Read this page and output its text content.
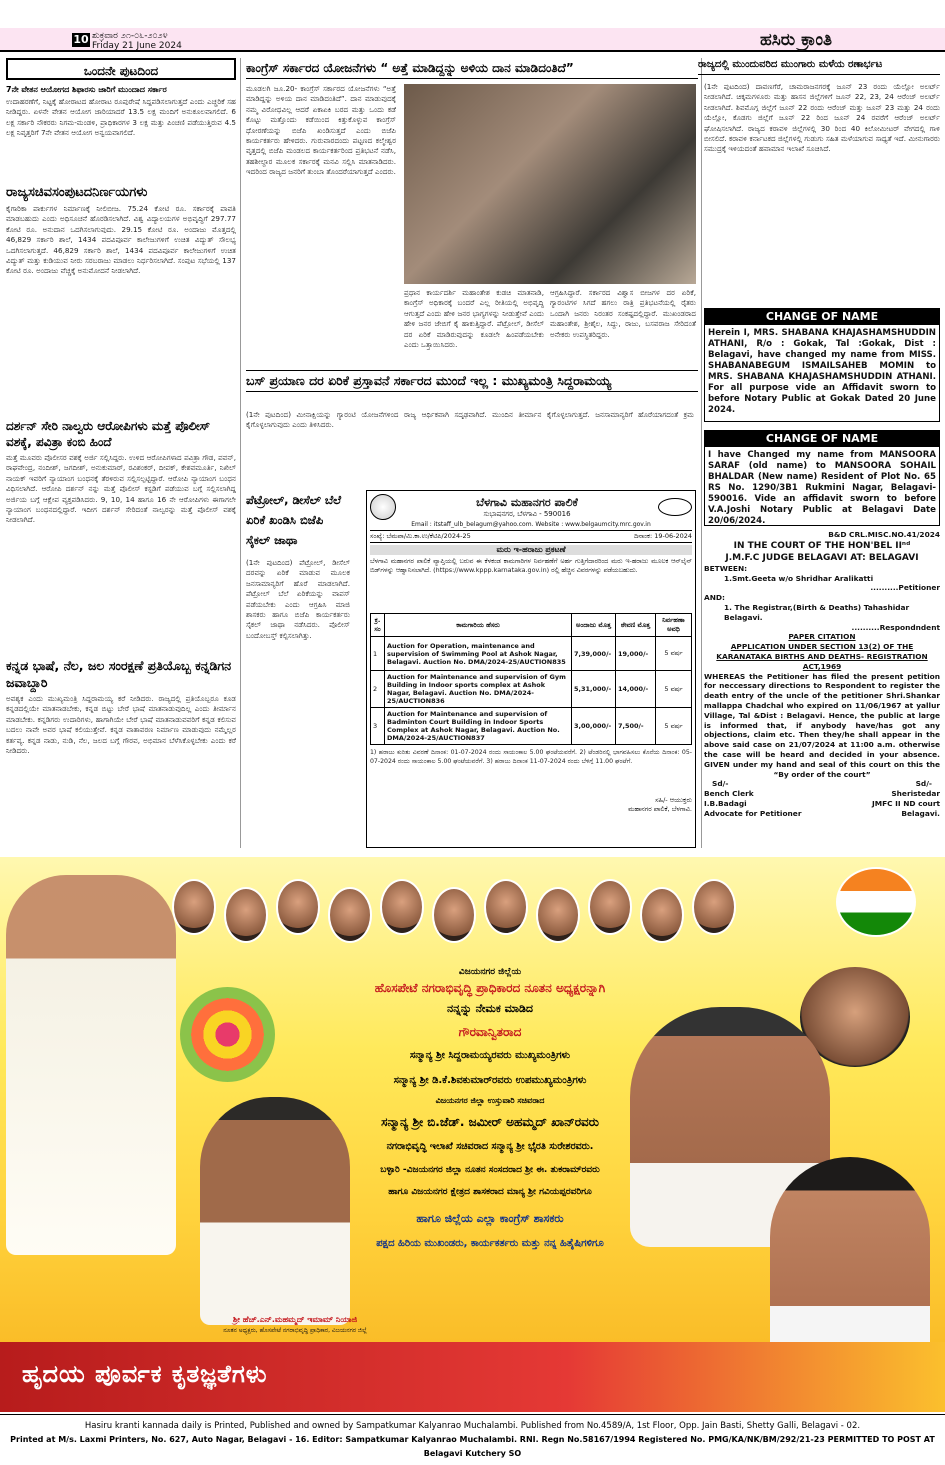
10 ಶುಕ್ರವಾರ ೨೧-೦೬-೨೦೨೪
Friday 21 June 2024	ಹಸಿರು ಕ್ರಾಂತಿ
ಒಂದನೇ ಪುಟದಿಂದ
7ನೇ ವೇತನ ಆಯೋಗದ ಶಿಫಾರಸು ಜಾರಿಗೆ ಮುಂದಾದ ಸರ್ಕಾರ
ಉದಾಹರಣೆಗೆ, ನಿಟ್ಟಕ್ಕೆ ಹೋರಾಟದ ಹೋರಾಟ ರೂಪುರೇಷೆ ಸಿದ್ದಪಡಿಸಲಾಗುತ್ತದೆ ಎಂದು ಎಚ್ಚರಿಕೆ ಸಹ ನೀಡಿದ್ದರು. ಏಳನೇ ವೇತನ ಆಯೋಗ ಜಾರಿಯಾದರೆ 13.5 ಲಕ್ಷ ಮಂದಿಗೆ ಅನುಕೂಲವಾಗಲಿದೆ. 6 ಲಕ್ಷ ಸರ್ಕಾರಿ ನೌಕರರು ನಿಗಮ-ಮಂಡಳಿ, ಪ್ರಾಧಿಕಾರಗಳ 3 ಲಕ್ಷ ಮತ್ತು ಪಿಂಚಣಿ ಪಡೆಯುತ್ತಿರುವ 4.5 ಲಕ್ಷ ನಿವೃತ್ತರಿಗೆ 7ನೇ ವೇತನ ಆಯೋಗ ಅನ್ವಯವಾಗಲಿದೆ.
ರಾಜ್ಯಸಚಿವಸಂಪುಟದನಿರ್ಣಯಗಳು
ಕೈಗಾರಿಕಾ ಪಾರ್ಕುಗಳ ನಿರ್ಮಾಣಕ್ಕೆ ನೀಲಿಬೀಜ. 75.24 ಕೋಟಿ ರೂ. ಸರ್ಕಾರಕ್ಕೆ ಪಾವತಿ ಮಾಡಬಹುದು ಎಂದು ಅಧಿಸೂಚನೆ ಹೊರಡಿಸಲಾಗಿದೆ. ವಿಶ್ವ ವಿದ್ಯಾಲಯಗಳ ಅಭಿವೃದ್ಧಿಗೆ 297.77 ಕೋಟಿ ರೂ. ಅನುದಾನ ಒದಗಿಸಲಾಗುವುದು. 29.15 ಕೋಟಿ ರೂ. ಅಂದಾಜು ಮೊತ್ತದಲ್ಲಿ 46,829 ಸರ್ಕಾರಿ ಶಾಲೆ, 1434 ಪದವಿಪೂರ್ವ ಕಾಲೇಜುಗಳಿಗೆ ಉಚಿತ ವಿದ್ಯುತ್ ಸೌಲಭ್ಯ ಒದಗಿಸಲಾಗುತ್ತದೆ. 46,829 ಸರ್ಕಾರಿ ಶಾಲೆ, 1434 ಪದವಿಪೂರ್ವ ಕಾಲೇಜುಗಳಿಗೆ ಉಚಿತ ವಿದ್ಯುತ್ ಮತ್ತು ಕುಡಿಯುವ ನೀರು ಸರಬರಾಜು ಮಾಡಲು ನಿರ್ಧರಿಸಲಾಗಿದೆ. ಸಂಪುಟ ಸಭೆಯಲ್ಲಿ 137 ಕೋಟಿ ರೂ. ಅಂದಾಜು ವೆಚ್ಚಕ್ಕೆ ಅನುಮೋದನೆ ನೀಡಲಾಗಿದೆ.
ದರ್ಶನ್ ಸೇರಿ ನಾಲ್ವರು ಆರೋಪಿಗಳು ಮತ್ತೆ ಪೊಲೀಸ್ ವಶಕ್ಕೆ, ಪವಿತ್ರಾ ಕಂಬಿ ಹಿಂದೆ
ಮತ್ತೆ ಮೂವರು ಪೊಲೀಸರ ವಶಕ್ಕೆ ಅರ್ಜಿ ಸಲ್ಲಿಸಿದ್ದರು. ಉಳಿದ ಆರೋಪಿಗಳಾದ ಪವಿತ್ರಾ ಗೌಡ, ಪವನ್, ರಾಘವೇಂದ್ರ, ನಂದೀಶ್, ಜಗದೀಶ್, ಅನುಕುಮಾರ್, ರವಿಶಂಕರ್, ದೀಪಕ್, ಕೇಶವಮೂರ್ತಿ, ನಿಖಿಲ್ ನಾಯಕ್ ಇವರಿಗೆ ನ್ಯಾಯಾಂಗ ಬಂಧನಕ್ಕೆ ತೆರಳಿರುವ ಸಲ್ಲಿಸಲ್ಪಟ್ಟಿದ್ದಾರೆ. ಆರೋಪಿ ನ್ಯಾಯಾಂಗ ಬಂಧನ ವಿಧಿಸಲಾಗಿದೆ. ಆರೋಪಿ ದರ್ಶನ್ ನನ್ನು ಮತ್ತೆ ಪೊಲೀಸ್ ಕಸ್ಟಡಿಗೆ ಪಡೆಯುವ ಬಗ್ಗೆ ಸಲ್ಲಿಸಲಾಗಿದ್ದ ಅರ್ಜಿಯ ಬಗ್ಗೆ ಆಕ್ಷೇಪ ವ್ಯಕ್ತಪಡಿಸಿದರು. 9, 10, 14 ಹಾಗೂ 16 ನೇ ಆರೋಪಿಗಳು ಈಗಾಗಲೇ ನ್ಯಾಯಾಂಗ ಬಂಧನದಲ್ಲಿದ್ದಾರೆ. ಇದೀಗ ದರ್ಶನ್ ಸೇರಿದಂತೆ ನಾಲ್ವರನ್ನು ಮತ್ತೆ ಪೊಲೀಸ್ ವಶಕ್ಕೆ ನೀಡಲಾಗಿದೆ.
ಕನ್ನಡ ಭಾಷೆ, ನೆಲ, ಜಲ ಸಂರಕ್ಷಣೆ ಪ್ರತಿಯೊಬ್ಬ ಕನ್ನಡಿಗನ ಜವಾಬ್ದಾರಿ
ಅವಶ್ಯಕ ಎಂದು ಮುಖ್ಯಮಂತ್ರಿ ಸಿದ್ದರಾಮಯ್ಯ ಕರೆ ನೀಡಿದರು. ರಾಜ್ಯದಲ್ಲಿ ಪ್ರತಿಯೊಬ್ಬರೂ ಕೂಡ ಕನ್ನಡದಲ್ಲಿಯೇ ಮಾತನಾಡಬೇಕು, ಕನ್ನಡ ಬಿಟ್ಟು ಬೇರೆ ಭಾಷೆ ಮಾತನಾಡುವುದಿಲ್ಲ ಎಂದು ತೀರ್ಮಾನ ಮಾಡಬೇಕು. ಕನ್ನಡಿಗರು ಉದಾರಿಗಳು, ಹಾಗಾಗಿಯೇ ಬೇರೆ ಭಾಷೆ ಮಾತನಾಡುವವರಿಗೆ ಕನ್ನಡ ಕಲಿಸುವ ಬದಲು ನಾವೇ ಅವರ ಭಾಷೆ ಕಲಿಯುತ್ತೇವೆ. ಕನ್ನಡ ವಾತಾವರಣ ನಿರ್ಮಾಣ ಮಾಡುವುದು ನಮ್ಮೆಲ್ಲರ ಕರ್ತವ್ಯ. ಕನ್ನಡ ನಾಡು, ನುಡಿ, ನೆಲ, ಜಲದ ಬಗ್ಗೆ ಗೌರವ, ಅಭಿಮಾನ ಬೆಳೆಸಿಕೊಳ್ಳಬೇಕು ಎಂದು ಕರೆ ನೀಡಿದರು.
ಕಾಂಗ್ರೆಸ್ ಸರ್ಕಾರದ ಯೋಜನೆಗಳು “ ಅತ್ತೆ ಮಾಡಿದ್ದನ್ನು ಅಳಿಯ ದಾನ ಮಾಡಿದಂತಿದೆ”
ಮೂಡಲಗಿ ಜೂ.20- ಕಾಂಗ್ರೆಸ್ ಸರ್ಕಾರದ ಯೋಜನೆಗಳು “ಅತ್ತೆ ಮಾಡಿದ್ದನ್ನು ಅಳಿಯ ದಾನ ಮಾಡಿದಂತಿದೆ”. ದಾನ ಮಾಡುವುದಕ್ಕೆ ನಮ್ಮ ವಿರೋಧವಿಲ್ಲ ಆದರೆ ಏಕಾಏಕಿ ಬರದ ಮತ್ತು ಒಂದು ಕಡೆ ಕೊಟ್ಟು ಮತ್ತೊಂದು ಕಡೆಯಿಂದ ಕಿತ್ತುಕೊಳ್ಳುವ ಕಾಂಗ್ರೆಸ್ ಧೋರಣೆಯನ್ನು ಬಿಜೆಪಿ ಖಂಡಿಸುತ್ತದೆ ಎಂದು ಬಿಜೆಪಿ ಕಾರ್ಯಕರ್ತರು ಹೇಳಿದರು. ಗುರುವಾರದಂದು ಪಟ್ಟಣದ ಕಲ್ಮೇಶ್ವರ ವೃತ್ತದಲ್ಲಿ ಬಿಜೆಪಿ ಮಂಡಲದ ಕಾರ್ಯಕರ್ತರಿಂದ ಪ್ರತಿಭಟನೆ ನಡೆಸಿ, ತಹಶೀಲ್ದಾರ ಮೂಲಕ ಸರ್ಕಾರಕ್ಕೆ ಮನವಿ ಸಲ್ಲಿಸಿ ಮಾತನಾಡಿದರು. ಇದರಿಂದ ರಾಜ್ಯದ ಜನರಿಗೆ ತುಂಬಾ ತೊಂದರೆಯಾಗುತ್ತದೆ ಎಂದರು.
ಪ್ರಧಾನ ಕಾರ್ಯದರ್ಶಿ ಮಹಾಂತೇಶ ಕುಡಚಿ ಮಾತನಾಡಿ, ಕಾಂಗ್ರೆಸ್ ಅಧಿಕಾರಕ್ಕೆ ಬಂದರೆ ಎಲ್ಲ ರೀತಿಯಲ್ಲಿ ಅಭಿವೃದ್ಧಿ ಆಗುತ್ತದೆ ಎಂದು ಹೇಳಿ ಜನರ ಭಾಗ್ಯಗಳನ್ನು ನೀಡುತ್ತೇವೆ ಎಂದು ಹೇಳಿ ಜನರ ಜೇಬಿಗೆ ಕೈ ಹಾಕುತ್ತಿದ್ದಾರೆ. ಪೆಟ್ರೋಲ್, ಡೀಸೆಲ್ ದರ ಏರಿಕೆ ಮಾಡಿರುವುದನ್ನು ಕೂಡಲೇ ಹಿಂಪಡೆಯಬೇಕು ಎಂದು ಒತ್ತಾಯಿಸಿದರು.
ಆಗ್ರಹಿಸಿದ್ದಾರೆ. ಸರ್ಕಾರದ ವಿಶ್ವಾಸ ಬೀಜಗಳ ದರ ಏರಿಕೆ, ಗ್ಯಾರಂಟಿಗಳ ಸಿಗದೆ ಹಗಲು ರಾತ್ರಿ ಪ್ರತಿಭಟನೆಯಲ್ಲಿ ರೈತರು ಒಂದಾಗಿ ಜನರು ನಿರಂತರ ಸಂಕಷ್ಟದಲ್ಲಿದ್ದಾರೆ. ಮುಖಂಡರಾದ ಮಹಾಂತೇಶ, ಶ್ರೀಶೈಲ, ಸಿದ್ದು, ರಾಜು, ಬಸವರಾಜ ಸೇರಿದಂತೆ ಅನೇಕರು ಉಪಸ್ಥಿತರಿದ್ದರು.
ಬಸ್ ಪ್ರಯಾಣ ದರ ಏರಿಕೆ ಪ್ರಸ್ತಾವನೆ ಸರ್ಕಾರದ ಮುಂದೆ ಇಲ್ಲ : ಮುಖ್ಯಮಂತ್ರಿ ಸಿದ್ದರಾಮಯ್ಯ
(1ನೇ ಪುಟದಿಂದ) ಮೀನಾಕ್ಷಿಯನ್ನು ಗ್ಯಾರಂಟಿ ಯೋಜನೆಗಳಿಂದ ರಾಜ್ಯ ಆರ್ಥಿಕವಾಗಿ ಸದೃಢವಾಗಿದೆ. ಮುಂದಿನ ತೀರ್ಮಾನ ಕೈಗೊಳ್ಳಲಾಗುತ್ತದೆ. ಜನಸಾಮಾನ್ಯರಿಗೆ ಹೊರೆಯಾಗದಂತೆ ಕ್ರಮ ಕೈಗೊಳ್ಳಲಾಗುವುದು ಎಂದು ತಿಳಿಸಿದರು.
ಪೆಟ್ರೋಲ್, ಡೀಸೆಲ್ ಬೆಲೆ ಏರಿಕೆ ಖಂಡಿಸಿ ಬಿಜೆಪಿ ಸೈಕಲ್ ಜಾಥಾ
(1ನೇ ಪುಟದಿಂದ) ಪೆಟ್ರೋಲ್, ಡೀಸೆಲ್ ದರವನ್ನು ಏರಿಕೆ ಮಾಡುವ ಮೂಲಕ ಜನಸಾಮಾನ್ಯರಿಗೆ ಹೊರೆ ಮಾಡಲಾಗಿದೆ. ಪೆಟ್ರೋಲ್ ಬೆಲೆ ಏರಿಕೆಯನ್ನು ವಾಪಸ್ ಪಡೆಯಬೇಕು ಎಂದು ಆಗ್ರಹಿಸಿ ಮಾಜಿ ಶಾಸಕರು ಹಾಗೂ ಬಿಜೆಪಿ ಕಾರ್ಯಕರ್ತರು ಸೈಕಲ್ ಜಾಥಾ ನಡೆಸಿದರು. ಪೊಲೀಸ್ ಬಂದೋಬಸ್ತ್ ಕಲ್ಪಿಸಲಾಗಿತ್ತು.
ಬೆಳಗಾವಿ ಮಹಾನಗರ ಪಾಲಿಕೆ
ಸುಭಾಷನಗರ, ಬೆಳಗಾವಿ - 590016
Email : itstaff_ulb_belagum@yahoo.com. Website : www.belgaumcity.mrc.gov.in
ಸಂಖ್ಯೆ: ಬೆಮಪಾ/ಮಿ.ಕಾ.ಉ/ಕೆಟಿಪಿ/2024-25	ದಿನಾಂಕ: 19-06-2024
ಮರು ಇ-ಹರಾಜು ಪ್ರಕಟಣೆ
ಬೆಳಗಾವಿ ಮಹಾನಗರ ಪಾಲಿಕೆ ವ್ಯಾಪ್ತಿಯಲ್ಲಿ ಬರುವ ಈ ಕೆಳಕಂಡ ಕಾಮಗಾರಿಗಳ ನಿರ್ವಹಣೆಗೆ ಅರ್ಹ ಗುತ್ತಿಗೆದಾರರಿಂದ ಮರು ಇ-ಹರಾಜು ಮೂಲಕ ಆನ್‌ಲೈನ್ ಬಿಡ್‌ಗಳನ್ನು ಆಹ್ವಾನಿಸಲಾಗಿದೆ. (https://www.kppp.karnataka.gov.in) ರಲ್ಲಿ ಹೆಚ್ಚಿನ ವಿವರಗಳನ್ನು ಪಡೆಯಬಹುದು.
ಕ್ರ. ಸಂ	ಕಾಮಗಾರಿಯ ಹೆಸರು	ಅಂದಾಜು ಮೊತ್ತ	ಠೇವಣಿ ಮೊತ್ತ	ನಿರ್ವಹಣಾ ಅವಧಿ
1	Auction for Operation, maintenance and supervision of Swimming Pool at Ashok Nagar, Belagavi. Auction No. DMA/2024-25/AUCTION835	7,39,000/-	19,000/-	5 ವರ್ಷ
2	Auction for Maintenance and supervision of Gym Building in Indoor sports complex at Ashok Nagar, Belagavi. Auction No. DMA/2024-25/AUCTION836	5,31,000/-	14,000/-	5 ವರ್ಷ
3	Auction for Maintenance and supervision of Badminton Court Building in Indoor Sports Complex at Ashok Nagar, Belagavi. Auction No. DMA/2024-25/AUCTION837	3,00,000/-	7,500/-	5 ವರ್ಷ
1) ಹರಾಜು ಕುರಿತು ವಿವರಣೆ ದಿನಾಂಕ: 01-07-2024 ರಂದು ಸಾಯಂಕಾಲ 5.00 ಘಂಟೆಯವರೆಗೆ. 2) ಟೆಂಡರಿನಲ್ಲಿ ಭಾಗವಹಿಸಲು ಕೊನೆಯ ದಿನಾಂಕ: 05-07-2024 ರಂದು ಸಾಯಂಕಾಲ 5.00 ಘಂಟೆಯವರೆಗೆ. 3) ಹರಾಜು ದಿನಾಂಕ 11-07-2024 ರಂದು ಬೆಳಿಗ್ಗೆ 11.00 ಘಂಟೆಗೆ.
ಸಹಿ/- ಆಯುಕ್ತರು
ಮಹಾನಗರ ಪಾಲಿಕೆ, ಬೆಳಗಾವಿ.
ರಾಜ್ಯದಲ್ಲಿ ಮುಂದುವರಿದ ಮುಂಗಾರು ಮಳೆಯ ರಣಾರ್ಭಟ
(1ನೇ ಪುಟದಿಂದ) ದಾವಣಗೆರೆ, ಚಾಮರಾಜನಗರಕ್ಕೆ ಜೂನ್ 23 ರಂದು ಯೆಲ್ಲೋ ಅಲರ್ಟ್ ನೀಡಲಾಗಿದೆ. ಚಿಕ್ಕಮಗಳೂರು ಮತ್ತು ಹಾಸನ ಜಿಲ್ಲೆಗಳಿಗೆ ಜೂನ್ 22, 23, 24 ಆರೆಂಜ್ ಅಲರ್ಟ್ ನೀಡಲಾಗಿದೆ. ಶಿವಮೊಗ್ಗ ಜಿಲ್ಲೆಗೆ ಜೂನ್ 22 ರಂದು ಆರೆಂಜ್ ಮತ್ತು ಜೂನ್ 23 ಮತ್ತು 24 ರಂದು ಯೆಲ್ಲೋ, ಕೊಡಗು ಜಿಲ್ಲೆಗೆ ಜೂನ್ 22 ರಿಂದ ಜೂನ್ 24 ರವರೆಗೆ ಆರೆಂಜ್ ಅಲರ್ಟ್ ಘೋಷಿಸಲಾಗಿದೆ. ರಾಜ್ಯದ ಕರಾವಳಿ ಜಿಲ್ಲೆಗಳಲ್ಲಿ 30 ರಿಂದ 40 ಕಿಲೋಮೀಟರ್ ವೇಗದಲ್ಲಿ ಗಾಳಿ ಬೀಸಲಿದೆ. ಕರಾವಳಿ ಕರ್ನಾಟಕದ ಜಿಲ್ಲೆಗಳಲ್ಲಿ ಗುಡುಗು ಸಹಿತ ಮಳೆಯಾಗುವ ಸಾಧ್ಯತೆ ಇದೆ. ಮೀನುಗಾರರು ಸಮುದ್ರಕ್ಕೆ ಇಳಿಯದಂತೆ ಹವಾಮಾನ ಇಲಾಖೆ ಸೂಚಿಸಿದೆ.
CHANGE OF NAME
Herein I, MRS. SHABANA KHAJASHAMSHUDDIN ATHANI, R/o : Gokak, Tal :Gokak, Dist : Belagavi, have changed my name from MISS. SHABANABEGUM ISMAILSAHEB MOMIN to MRS. SHABANA KHAJASHAMSHUDDIN ATHANI. For all purpose vide an Affidavit sworn to before Notary Public at Gokak Dated 20 June 2024.
CHANGE OF NAME
I have Changed my name from MANSOORA SARAF (old name) to MANSOORA SOHAIL BHALDAR (New name) Resident of Plot No. 65 RS No. 1290/3B1 Rukmini Nagar, Belagavi-590016. Vide an affidavit sworn to before V.A.Joshi Notary Public at Belagavi Date 20/06/2024.
B&D CRL.MISC.NO.41/2024
IN THE COURT OF THE HON'BEL IIⁿᵈ
J.M.F.C JUDGE BELAGAVI AT: BELAGAVI
BETWEEN:
1.Smt.Geeta w/o Shridhar Aralikatti
..........Petitioner
AND:
1. The Registrar,(Birth & Deaths) Tahashidar Belagavi.
..........Respondndent
PAPER CITATION
APPLICATION UNDER SECTION 13(2) OF THE KARANATAKA BIRTHS AND DEATHS- REGISTRATION ACT,1969
WHEREAS the Petitioner has filed the present petition for neccessary directions to Respondent to register the death entry of the uncle of the petitioner Shri.Shankar mallappa Chadchal who expired on 11/06/1967 at yallur Village, Tal &Dist : Belagavi. Hence, the public at large is informed that, if anybody have/has got any objections, claim etc. Then they/he shall appear in the above said case on 21/07/2024 at 11:00 a.m. otherwise the case will be heard and decided in your absence. GIVEN under my hand and seal of this court on this the
“By order of the court”
Sd/-	Sd/-
Bench Clerk	Sheristedar
I.B.Badagi	JMFC II ND court
Advocate for Petitioner	Belagavi.
ವಿಜಯನಗರ ಜಿಲ್ಲೆಯ
ಹೊಸಪೇಟೆ ನಗರಾಭಿವೃದ್ಧಿ ಪ್ರಾಧಿಕಾರದ ನೂತನ ಅಧ್ಯಕ್ಷರನ್ನಾಗಿ
ನನ್ನನ್ನು ನೇಮಕ ಮಾಡಿದ
ಗೌರವಾನ್ವಿತರಾದ
ಸನ್ಮಾನ್ಯ ಶ್ರೀ ಸಿದ್ದರಾಮಯ್ಯರವರು ಮುಖ್ಯಮಂತ್ರಿಗಳು
ಸನ್ಮಾನ್ಯ ಶ್ರೀ ಡಿ.ಕೆ.ಶಿವಕುಮಾರ್‌ರವರು ಉಪಮುಖ್ಯಮಂತ್ರಿಗಳು
ವಿಜಯನಗರ ಜಿಲ್ಲಾ ಉಸ್ತುವಾರಿ ಸಚಿವರಾದ
ಸನ್ಮಾನ್ಯ ಶ್ರೀ ಬಿ.ಜೆಡ್. ಜಮೀರ್ ಅಹಮ್ಮದ್ ಖಾನ್‌ರವರು
ನಗರಾಭಿವೃದ್ಧಿ ಇಲಾಖೆ ಸಚಿವರಾದ ಸನ್ಮಾನ್ಯ ಶ್ರೀ ಭೈರತಿ ಸುರೇಶರವರು.
ಬಳ್ಳಾರಿ -ವಿಜಯನಗರ ಜಿಲ್ಲಾ ನೂತನ ಸಂಸದರಾದ ಶ್ರೀ ಈ. ತುಕರಾಮ್‌ರವರು
ಹಾಗೂ ವಿಜಯನಗರ ಕ್ಷೇತ್ರದ ಶಾಸಕರಾದ ಮಾನ್ಯ ಶ್ರೀ ಗವಿಯಪ್ಪರವರಿಗೂ
ಹಾಗೂ ಜಿಲ್ಲೆಯ ಎಲ್ಲಾ ಕಾಂಗ್ರೆಸ್ ಶಾಸಕರು
ಪಕ್ಷದ ಹಿರಿಯ ಮುಖಂಡರು, ಕಾರ್ಯಕರ್ತರು ಮತ್ತು ನನ್ನ ಹಿತೈಷಿಗಳಿಗೂ
ಶ್ರೀ ಹೆಚ್.ಎನ್.ಮಹಮ್ಮದ್ ಇಮಾಮ್ ನಿಯಾಜಿ
ನೂತನ ಅಧ್ಯಕ್ಷರು, ಹೊಸಪೇಟೆ ನಗರಾಭಿವೃದ್ಧಿ ಪ್ರಾಧಿಕಾರ, ವಿಜಯನಗರ ಜಿಲ್ಲೆ
ಹೃದಯ ಪೂರ್ವಕ ಕೃತಜ್ಞತೆಗಳು
Hasiru kranti kannada daily is Printed, Published and owned by Sampatkumar Kalyanrao Muchalambi. Published from No.4589/A, 1st Floor, Opp. Jain Basti, Shetty Galli, Belagavi - 02.
Printed at M/s. Laxmi Printers, No. 627, Auto Nagar, Belagavi - 16. Editor: Sampatkumar Kalyanrao Muchalambi. RNI. Regn No.58167/1994 Registered No. PMG/KA/NK/BM/292/21-23 PERMITTED TO POST AT Belagavi Kutchery SO
